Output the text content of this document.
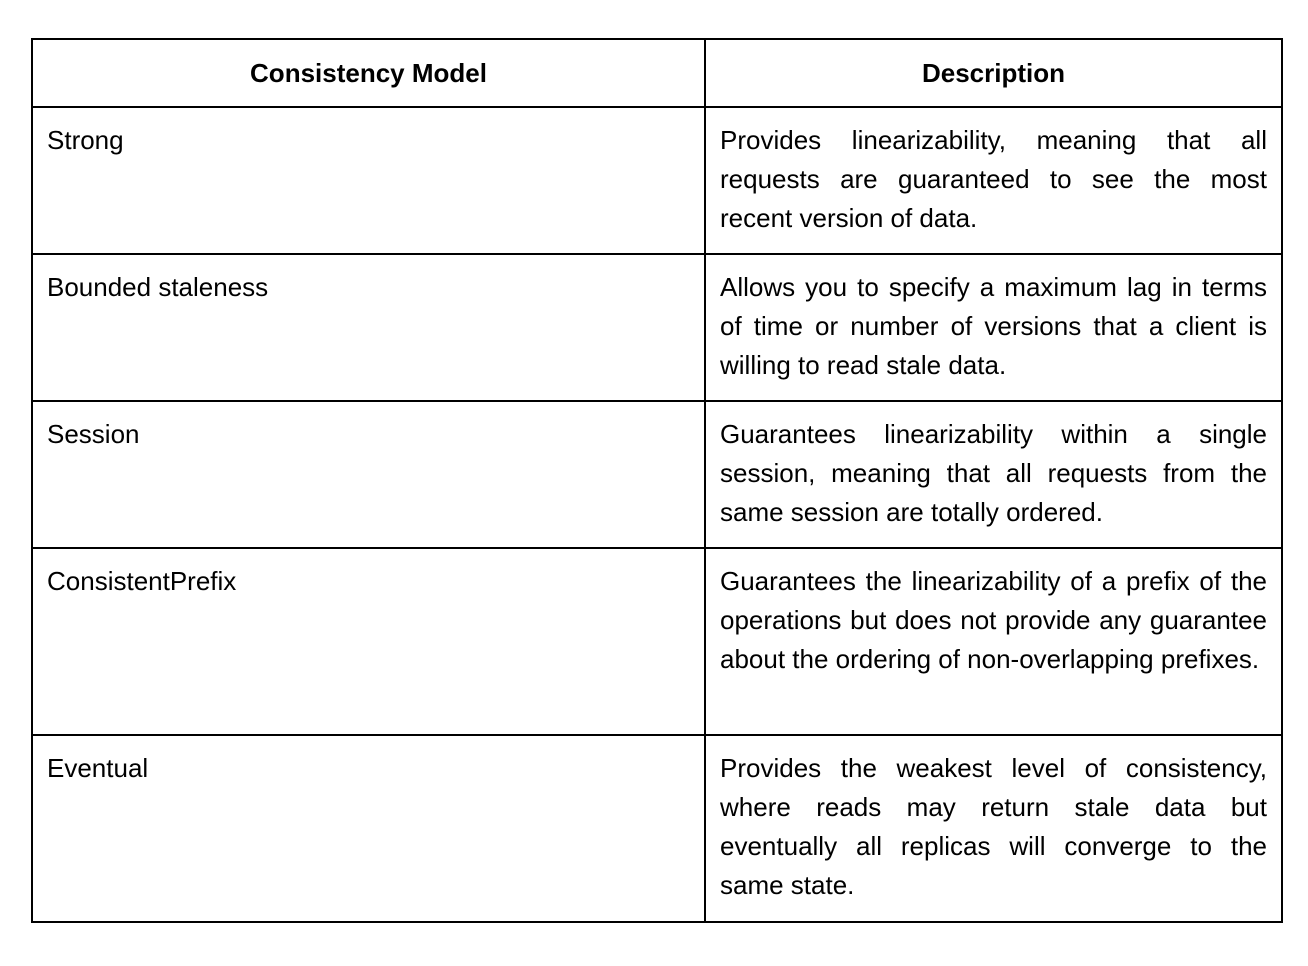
Consistency Model	Description
Strong	Provides linearizability, meaning that all requests are guaranteed to see the most recent version of data.
Bounded staleness	Allows you to specify a maximum lag in terms of time or number of versions that a client is willing to read stale data.
Session	Guarantees linearizability within a single session, meaning that all requests from the same session are totally ordered.
ConsistentPrefix	Guarantees the linearizability of a prefix of the operations but does not provide any guarantee about the ordering of non-overlapping prefixes.
Eventual	Provides the weakest level of consistency, where reads may return stale data but eventually all replicas will converge to the same state.
